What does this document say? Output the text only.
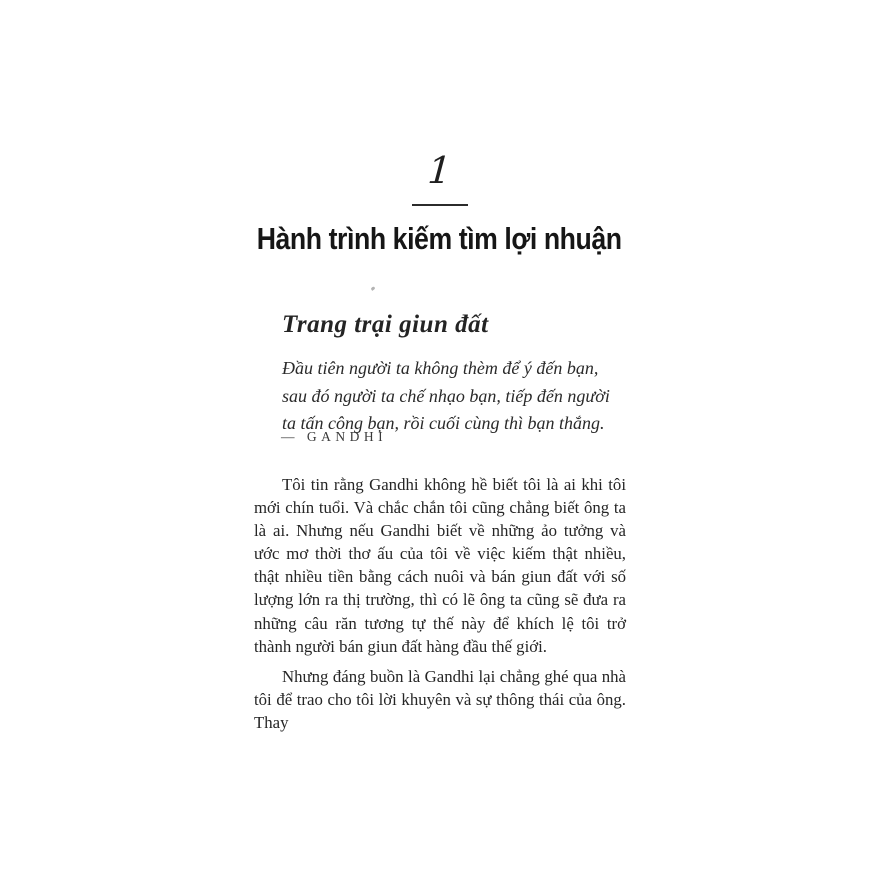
1
Hành trình kiếm tìm lợi nhuận
Trang trại giun đất
Đầu tiên người ta không thèm để ý đến bạn, sau đó người ta chế nhạo bạn, tiếp đến người ta tấn công bạn, rồi cuối cùng thì bạn thắng.
— GANDHI

Tôi tin rằng Gandhi không hề biết tôi là ai khi tôi mới chín tuổi. Và chắc chắn tôi cũng chẳng biết ông ta là ai. Nhưng nếu Gandhi biết về những ảo tưởng và ước mơ thời thơ ấu của tôi về việc kiếm thật nhiều, thật nhiều tiền bằng cách nuôi và bán giun đất với số lượng lớn ra thị trường, thì có lẽ ông ta cũng sẽ đưa ra những câu răn tương tự thế này để khích lệ tôi trở thành người bán giun đất hàng đầu thế giới.

Nhưng đáng buồn là Gandhi lại chẳng ghé qua nhà tôi để trao cho tôi lời khuyên và sự thông thái của ông. Thay
